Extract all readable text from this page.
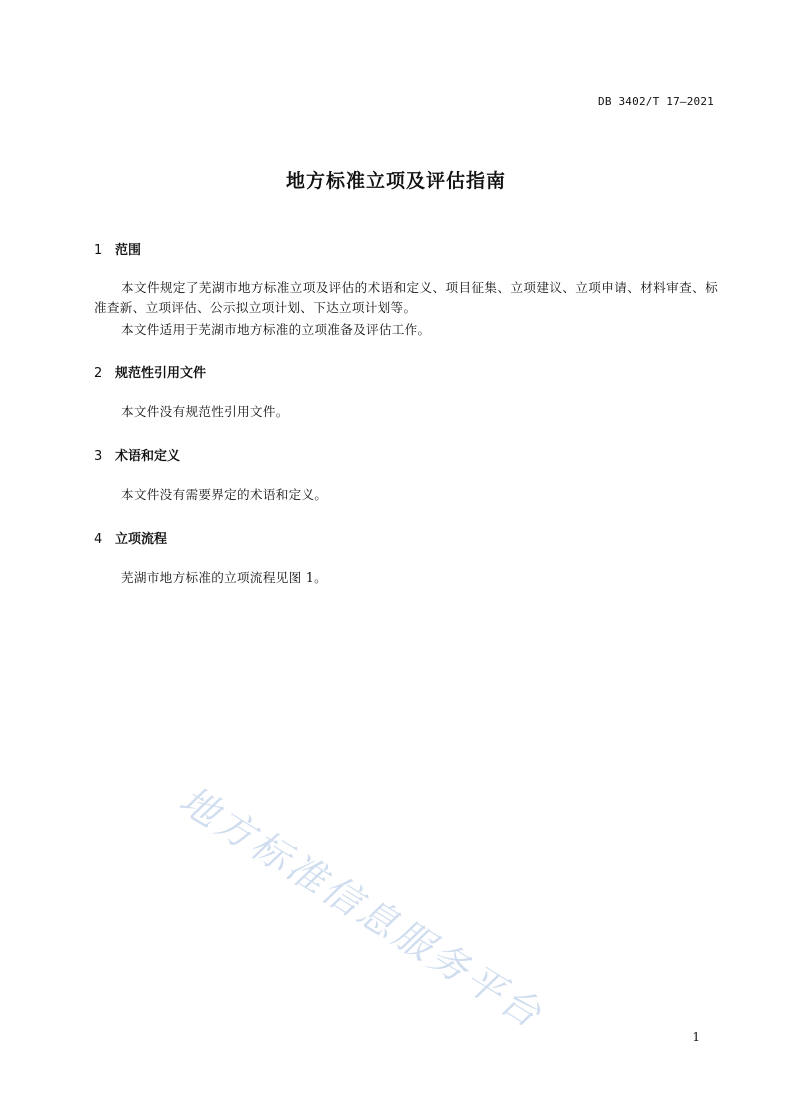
DB 3402/T 17—2021
地方标准立项及评估指南
1 范围
本文件规定了芜湖市地方标准立项及评估的术语和定义、项目征集、立项建议、立项申请、材料审查、标准查新、立项评估、公示拟立项计划、下达立项计划等。
本文件适用于芜湖市地方标准的立项准备及评估工作。
2 规范性引用文件
本文件没有规范性引用文件。
3 术语和定义
本文件没有需要界定的术语和定义。
4 立项流程
芜湖市地方标准的立项流程见图 1。
地方标准信息服务平台	1
